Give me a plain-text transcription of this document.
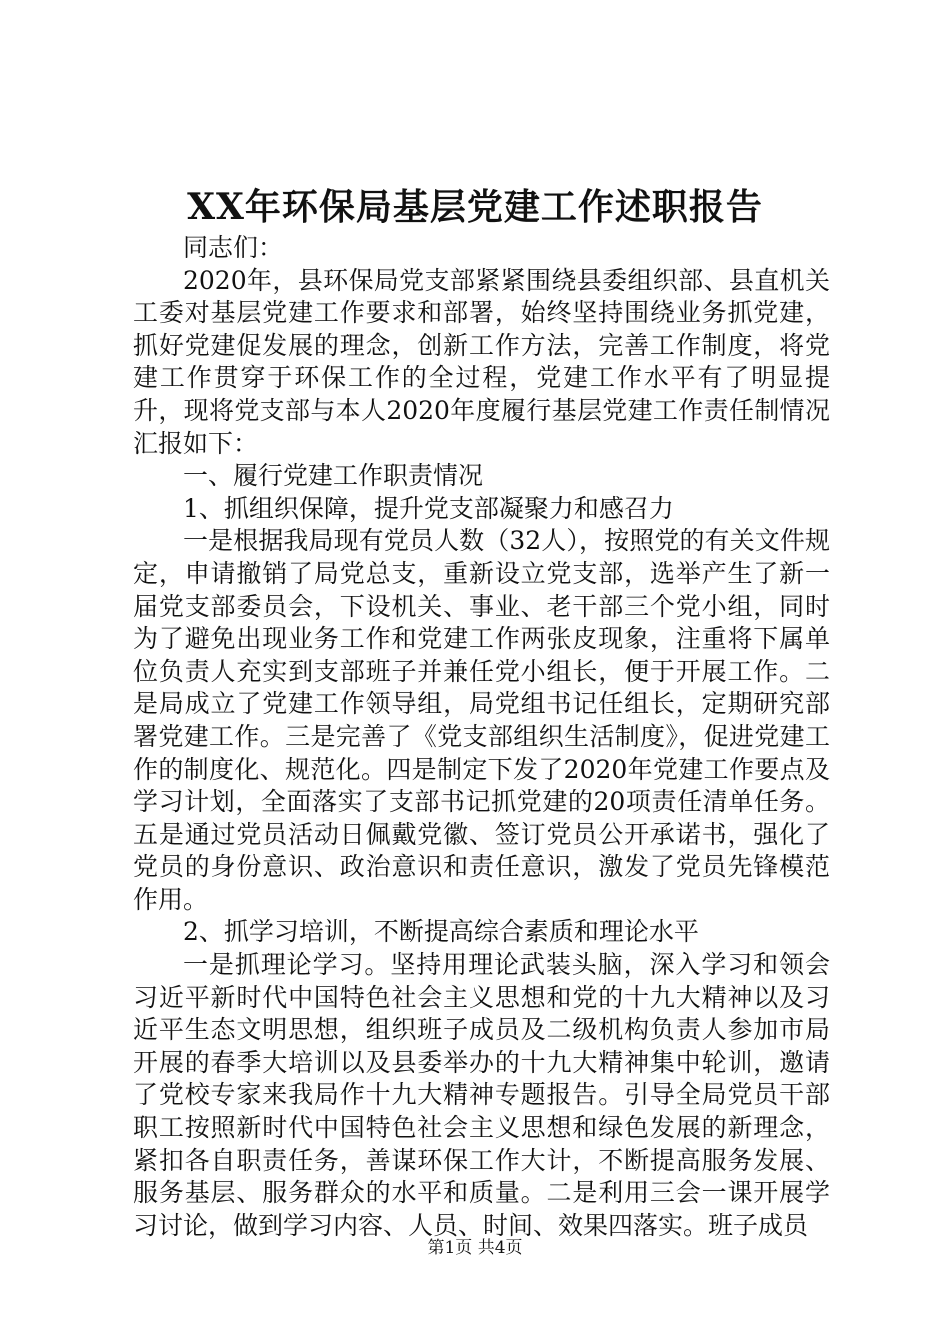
XX年环保局基层党建工作述职报告

同志们：

2020年，县环保局党支部紧紧围绕县委组织部、县直机关工委对基层党建工作要求和部署，始终坚持围绕业务抓党建，抓好党建促发展的理念，创新工作方法，完善工作制度，将党建工作贯穿于环保工作的全过程，党建工作水平有了明显提升，现将党支部与本人2020年度履行基层党建工作责任制情况汇报如下：

一、履行党建工作职责情况

1、抓组织保障，提升党支部凝聚力和感召力

一是根据我局现有党员人数（32人），按照党的有关文件规定，申请撤销了局党总支，重新设立党支部，选举产生了新一届党支部委员会，下设机关、事业、老干部三个党小组，同时为了避免出现业务工作和党建工作两张皮现象，注重将下属单位负责人充实到支部班子并兼任党小组长，便于开展工作。二是局成立了党建工作领导组，局党组书记任组长，定期研究部署党建工作。三是完善了《党支部组织生活制度》，促进党建工作的制度化、规范化。四是制定下发了2020年党建工作要点及学习计划，全面落实了支部书记抓党建的20项责任清单任务。五是通过党员活动日佩戴党徽、签订党员公开承诺书，强化了党员的身份意识、政治意识和责任意识，激发了党员先锋模范作用。

2、抓学习培训，不断提高综合素质和理论水平

一是抓理论学习。坚持用理论武装头脑，深入学习和领会习近平新时代中国特色社会主义思想和党的十九大精神以及习近平生态文明思想，组织班子成员及二级机构负责人参加市局开展的春季大培训以及县委举办的十九大精神集中轮训，邀请了党校专家来我局作十九大精神专题报告。引导全局党员干部职工按照新时代中国特色社会主义思想和绿色发展的新理念，紧扣各自职责任务，善谋环保工作大计，不断提高服务发展、服务基层、服务群众的水平和质量。二是利用三会一课开展学习讨论，做到学习内容、人员、时间、效果四落实。班子成员

第1页 共4页
